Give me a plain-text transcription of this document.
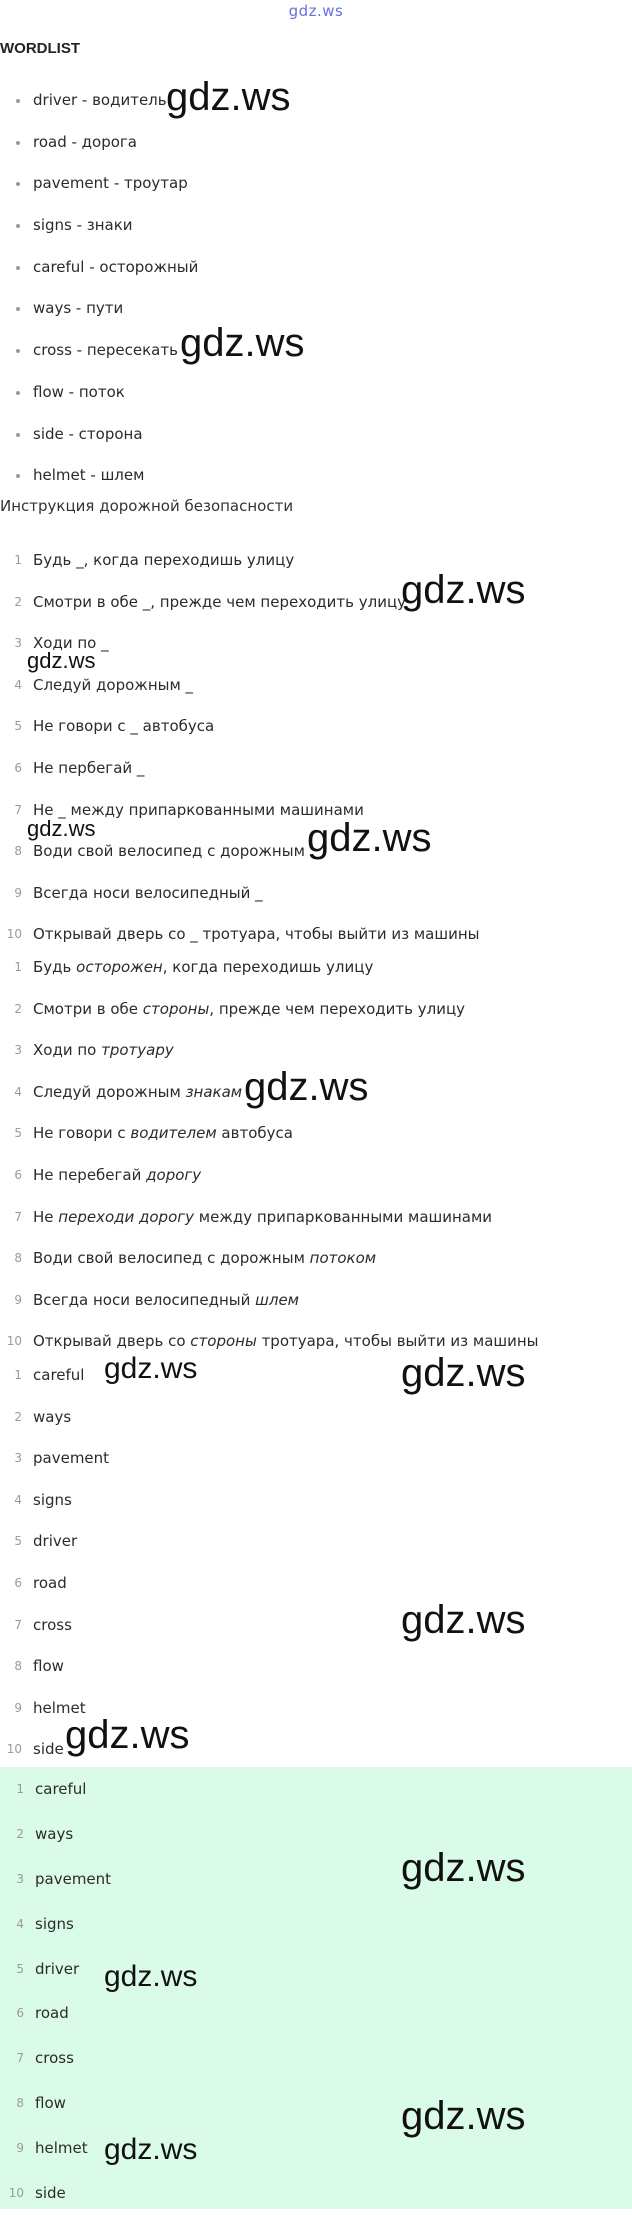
gdz.ws
WORDLIST
driver - водитель
road - дорога
pavement - троутар
signs - знаки
careful - осторожный
ways - пути
cross - пересекать
flow - поток
side - сторона
helmet - шлем
Инструкция дорожной безопасности
1 Будь _, когда переходишь улицу
2 Смотри в обе _, прежде чем переходить улицу
3 Ходи по _
4 Следуй дорожным _
5 Не говори с _ автобуса
6 Не пербегай _
7 Не _ между припаркованными машинами
8 Води свой велосипед с дорожным
9 Всегда носи велосипедный _
10 Открывай дверь со _ тротуара, чтобы выйти из машины
1 Будь осторожен, когда переходишь улицу
2 Смотри в обе стороны, прежде чем переходить улицу
3 Ходи по тротуару
4 Следуй дорожным знакам
5 Не говори с водителем автобуса
6 Не перебегай дорогу
7 Не переходи дорогу между припаркованными машинами
8 Води свой велосипед с дорожным потоком
9 Всегда носи велосипедный шлем
10 Открывай дверь со стороны тротуара, чтобы выйти из машины
1 careful
2 ways
3 pavement
4 signs
5 driver
6 road
7 cross
8 flow
9 helmet
10 side
1 careful
2 ways
3 pavement
4 signs
5 driver
6 road
7 cross
8 flow
9 helmet
10 side
gdz.ws
gdz.ws
gdz.ws
gdz.ws
gdz.ws	gdz.ws
gdz.ws
gdz.ws	gdz.ws
gdz.ws
gdz.ws
gdz.ws
gdz.ws
gdz.ws
gdz.ws
